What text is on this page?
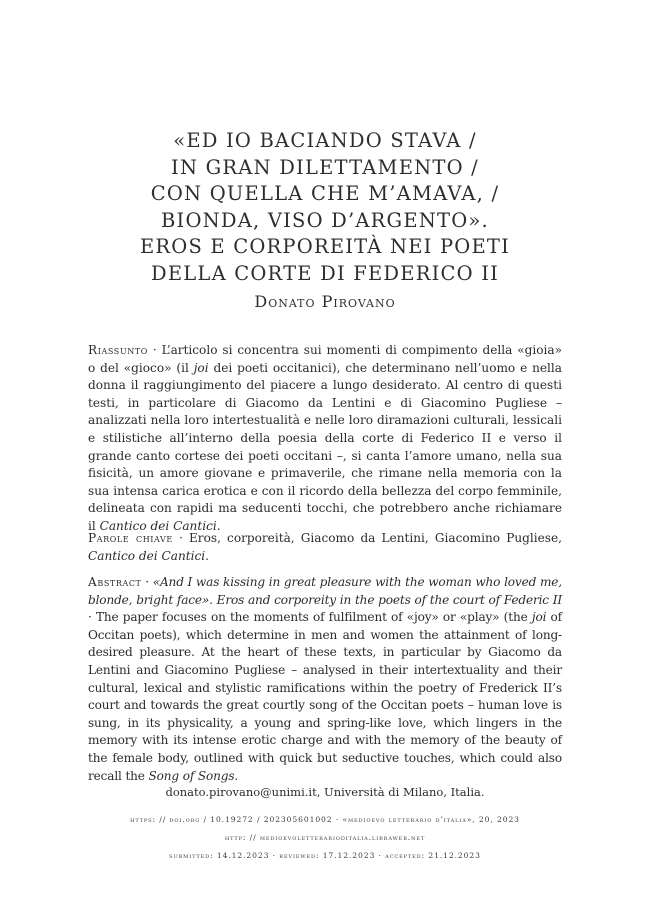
«ED IO BACIANDO STAVA /
IN GRAN DILETTAMENTO /
CON QUELLA CHE M’AMAVA, /
BIONDA, VISO D’ARGENTO».
EROS E CORPOREITÀ NEI POETI
DELLA CORTE DI FEDERICO II
Donato Pirovano
Riassunto · L’articolo si concentra sui momenti di compimento della «gioia» o del «gioco» (il joi dei poeti occitanici), che determinano nell’uomo e nella donna il raggiungimento del piacere a lungo desiderato. Al centro di questi testi, in particolare di Giacomo da Lentini e di Giacomino Pugliese – analizzati nella loro intertestualità e nelle loro diramazioni culturali, lessicali e stilistiche all’interno della poesia della corte di Federico II e verso il grande canto cortese dei poeti occitani –, si canta l’amore umano, nella sua fisicità, un amore giovane e primaverile, che rimane nella memoria con la sua intensa carica erotica e con il ricordo della bellezza del corpo femminile, delineata con rapidi ma seducenti tocchi, che potrebbero anche richiamare il Cantico dei Cantici.
Parole chiave · Eros, corporeità, Giacomo da Lentini, Giacomino Pugliese, Cantico dei Cantici.
Abstract · «And I was kissing in great pleasure with the woman who loved me, blonde, bright face». Eros and corporeity in the poets of the court of Federic II · The paper focuses on the moments of fulfilment of «joy» or «play» (the joi of Occitan poets), which determine in men and women the attainment of long-desired pleasure. At the heart of these texts, in particular by Giacomo da Lentini and Giacomino Pugliese – analysed in their intertextuality and their cultural, lexical and stylistic ramifications within the poetry of Frederick II’s court and towards the great courtly song of the Occitan poets – human love is sung, in its physicality, a young and spring-like love, which lingers in the memory with its intense erotic charge and with the memory of the beauty of the female body, outlined with quick but seductive touches, which could also recall the Song of Songs.
donato.pirovano@unimi.it, Università di Milano, Italia.
https: // doi.org / 10.19272 / 202305601002 · «medioevo letterario d’italia», 20, 2023
http: // medioevoletterarioditalia.libraweb.net
submitted: 14.12.2023 · reviewed: 17.12.2023 · accepted: 21.12.2023
